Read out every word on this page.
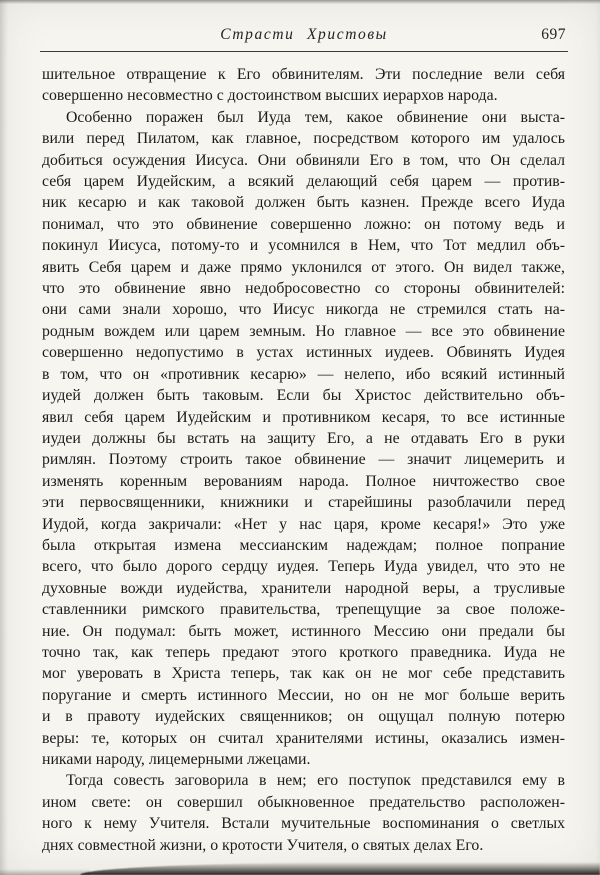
Страсти Христовы	697
шительное отвращение к Его обвинителям. Эти последние вели себя
совершенно несовместно с достоинством высших иерархов народа.
Особенно поражен был Иуда тем, какое обвинение они выста-
вили перед Пилатом, как главное, посредством которого им удалось
добиться осуждения Иисуса. Они обвиняли Его в том, что Он сделал
себя царем Иудейским, а всякий делающий себя царем — против-
ник кесарю и как таковой должен быть казнен. Прежде всего Иуда
понимал, что это обвинение совершенно ложно: он потому ведь и
покинул Иисуса, потому-то и усомнился в Нем, что Тот медлил объ-
явить Себя царем и даже прямо уклонился от этого. Он видел также,
что это обвинение явно недобросовестно со стороны обвинителей:
они сами знали хорошо, что Иисус никогда не стремился стать на-
родным вождем или царем земным. Но главное — все это обвинение
совершенно недопустимо в устах истинных иудеев. Обвинять Иудея
в том, что он «противник кесарю» — нелепо, ибо всякий истинный
иудей должен быть таковым. Если бы Христос действительно объ-
явил себя царем Иудейским и противником кесаря, то все истинные
иудеи должны бы встать на защиту Его, а не отдавать Его в руки
римлян. Поэтому строить такое обвинение — значит лицемерить и
изменять коренным верованиям народа. Полное ничтожество свое
эти первосвященники, книжники и старейшины разоблачили перед
Иудой, когда закричали: «Нет у нас царя, кроме кесаря!» Это уже
была открытая измена мессианским надеждам; полное попрание
всего, что было дорого сердцу иудея. Теперь Иуда увидел, что это не
духовные вожди иудейства, хранители народной веры, а трусливые
ставленники римского правительства, трепещущие за свое положе-
ние. Он подумал: быть может, истинного Мессию они предали бы
точно так, как теперь предают этого кроткого праведника. Иуда не
мог уверовать в Христа теперь, так как он не мог себе представить
поругание и смерть истинного Мессии, но он не мог больше верить
и в правоту иудейских священников; он ощущал полную потерю
веры: те, которых он считал хранителями истины, оказались измен-
никами народу, лицемерными лжецами.
Тогда совесть заговорила в нем; его поступок представился ему в
ином свете: он совершил обыкновенное предательство расположен-
ного к нему Учителя. Встали мучительные воспоминания о светлых
днях совместной жизни, о кротости Учителя, о святых делах Его.
